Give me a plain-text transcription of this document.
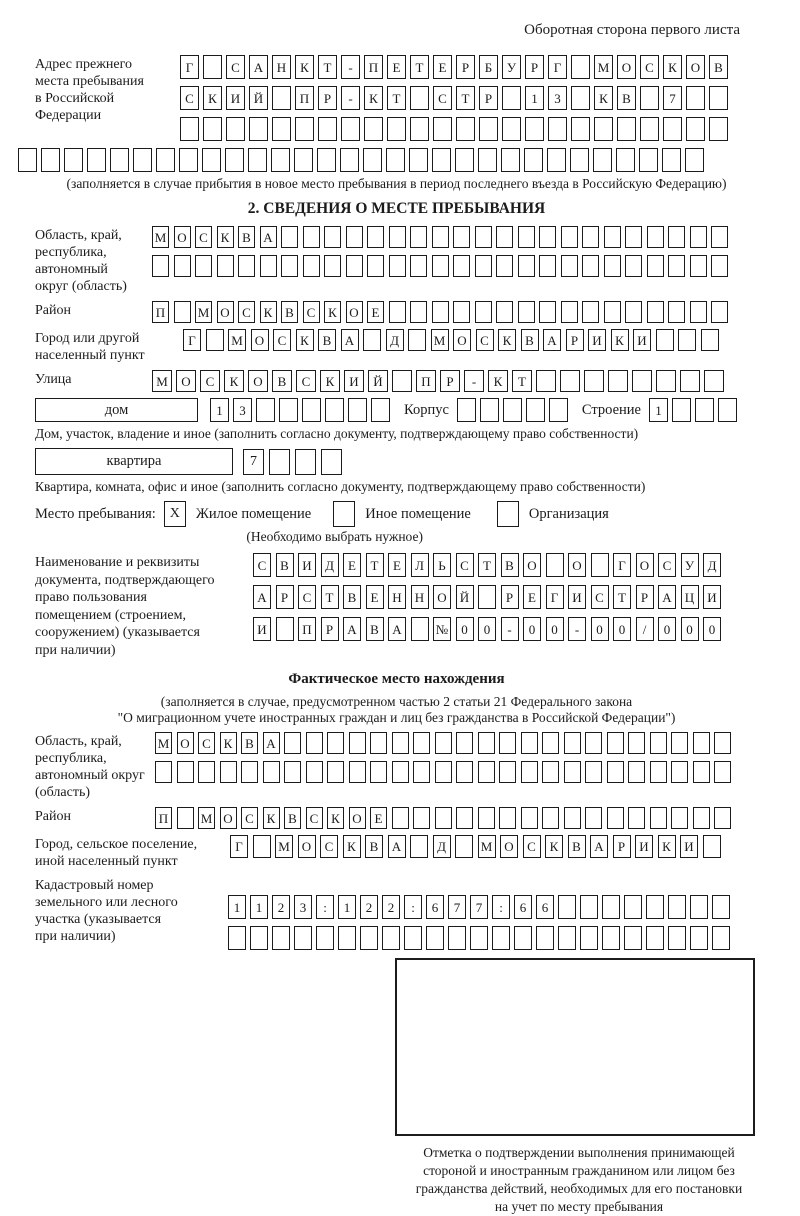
Оборотная сторона первого листа
Адрес прежнего
места пребывания
в Российской
Федерации
Г	С	А	Н	К	Т	-	П	Е	Т	Е	Р	Б	У	Р	Г	М О	С	К	О	В
С	К	И	Й	П	Р	-	К	Т	С	Т	Р	1	3	К	В	7
(заполняется в случае прибытия в новое место пребывания в период последнего въезда в Российскую Федерацию)
2. СВЕДЕНИЯ О МЕСТЕ ПРЕБЫВАНИЯ
Область, край,
республика,
автономный
округ (область)
М О С К В А
Район	П	М О С К В С К О Е
Город или другой
населенный пункт
Г	М О	С	К	В	А	Д	М О	С	К	В	А	Р	И	К	И
Улица	М	О	С	К	О	В	С	К	И	Й	П	Р	-	К	Т
дом	1	3	Корпус	Строение	1
Дом, участок, владение и иное (заполнить согласно документу, подтверждающему право собственности)
квартира	7
Квартира, комната, офис и иное (заполнить согласно документу, подтверждающему право собственности)
Место пребывания: X	Жилое помещение	Иное помещение	Организация
(Необходимо выбрать нужное)
Наименование и реквизиты
документа, подтверждающего
право пользования
помещением (строением,
сооружением) (указывается
при наличии)
С	В	И	Д	Е	Т	Е	Л	Ь	С	Т	В	О	О	Г	О	С	У	Д
А	Р	С	Т	В	Е	Н	Н	О	Й	Р	Е	Г	И	С	Т	Р	А	Ц	И
И	П	Р	А	В	А	№	0	0	-	0	0	-	0	0	/	0	0	0
Фактическое место нахождения
(заполняется в случае, предусмотренном частью 2 статьи 21 Федерального закона
"О миграционном учете иностранных граждан и лиц без гражданства в Российской Федерации")
Область, край,
республика,
автономный округ
(область)
М О С К В А
Район	П	М О С К В С К О Е
Город, сельское поселение,
иной населенный пункт
Г	М О	С	К	В	А	Д	М О	С	К	В	А	Р	И	К	И
Кадастровый номер
земельного или лесного
участка (указывается
при наличии)
1	1	2	3	:	1	2	2	:	6	7	7	:	6	6
Отметка о подтверждении выполнения принимающей
стороной и иностранным гражданином или лицом без
гражданства действий, необходимых для его постановки
на учет по месту пребывания
